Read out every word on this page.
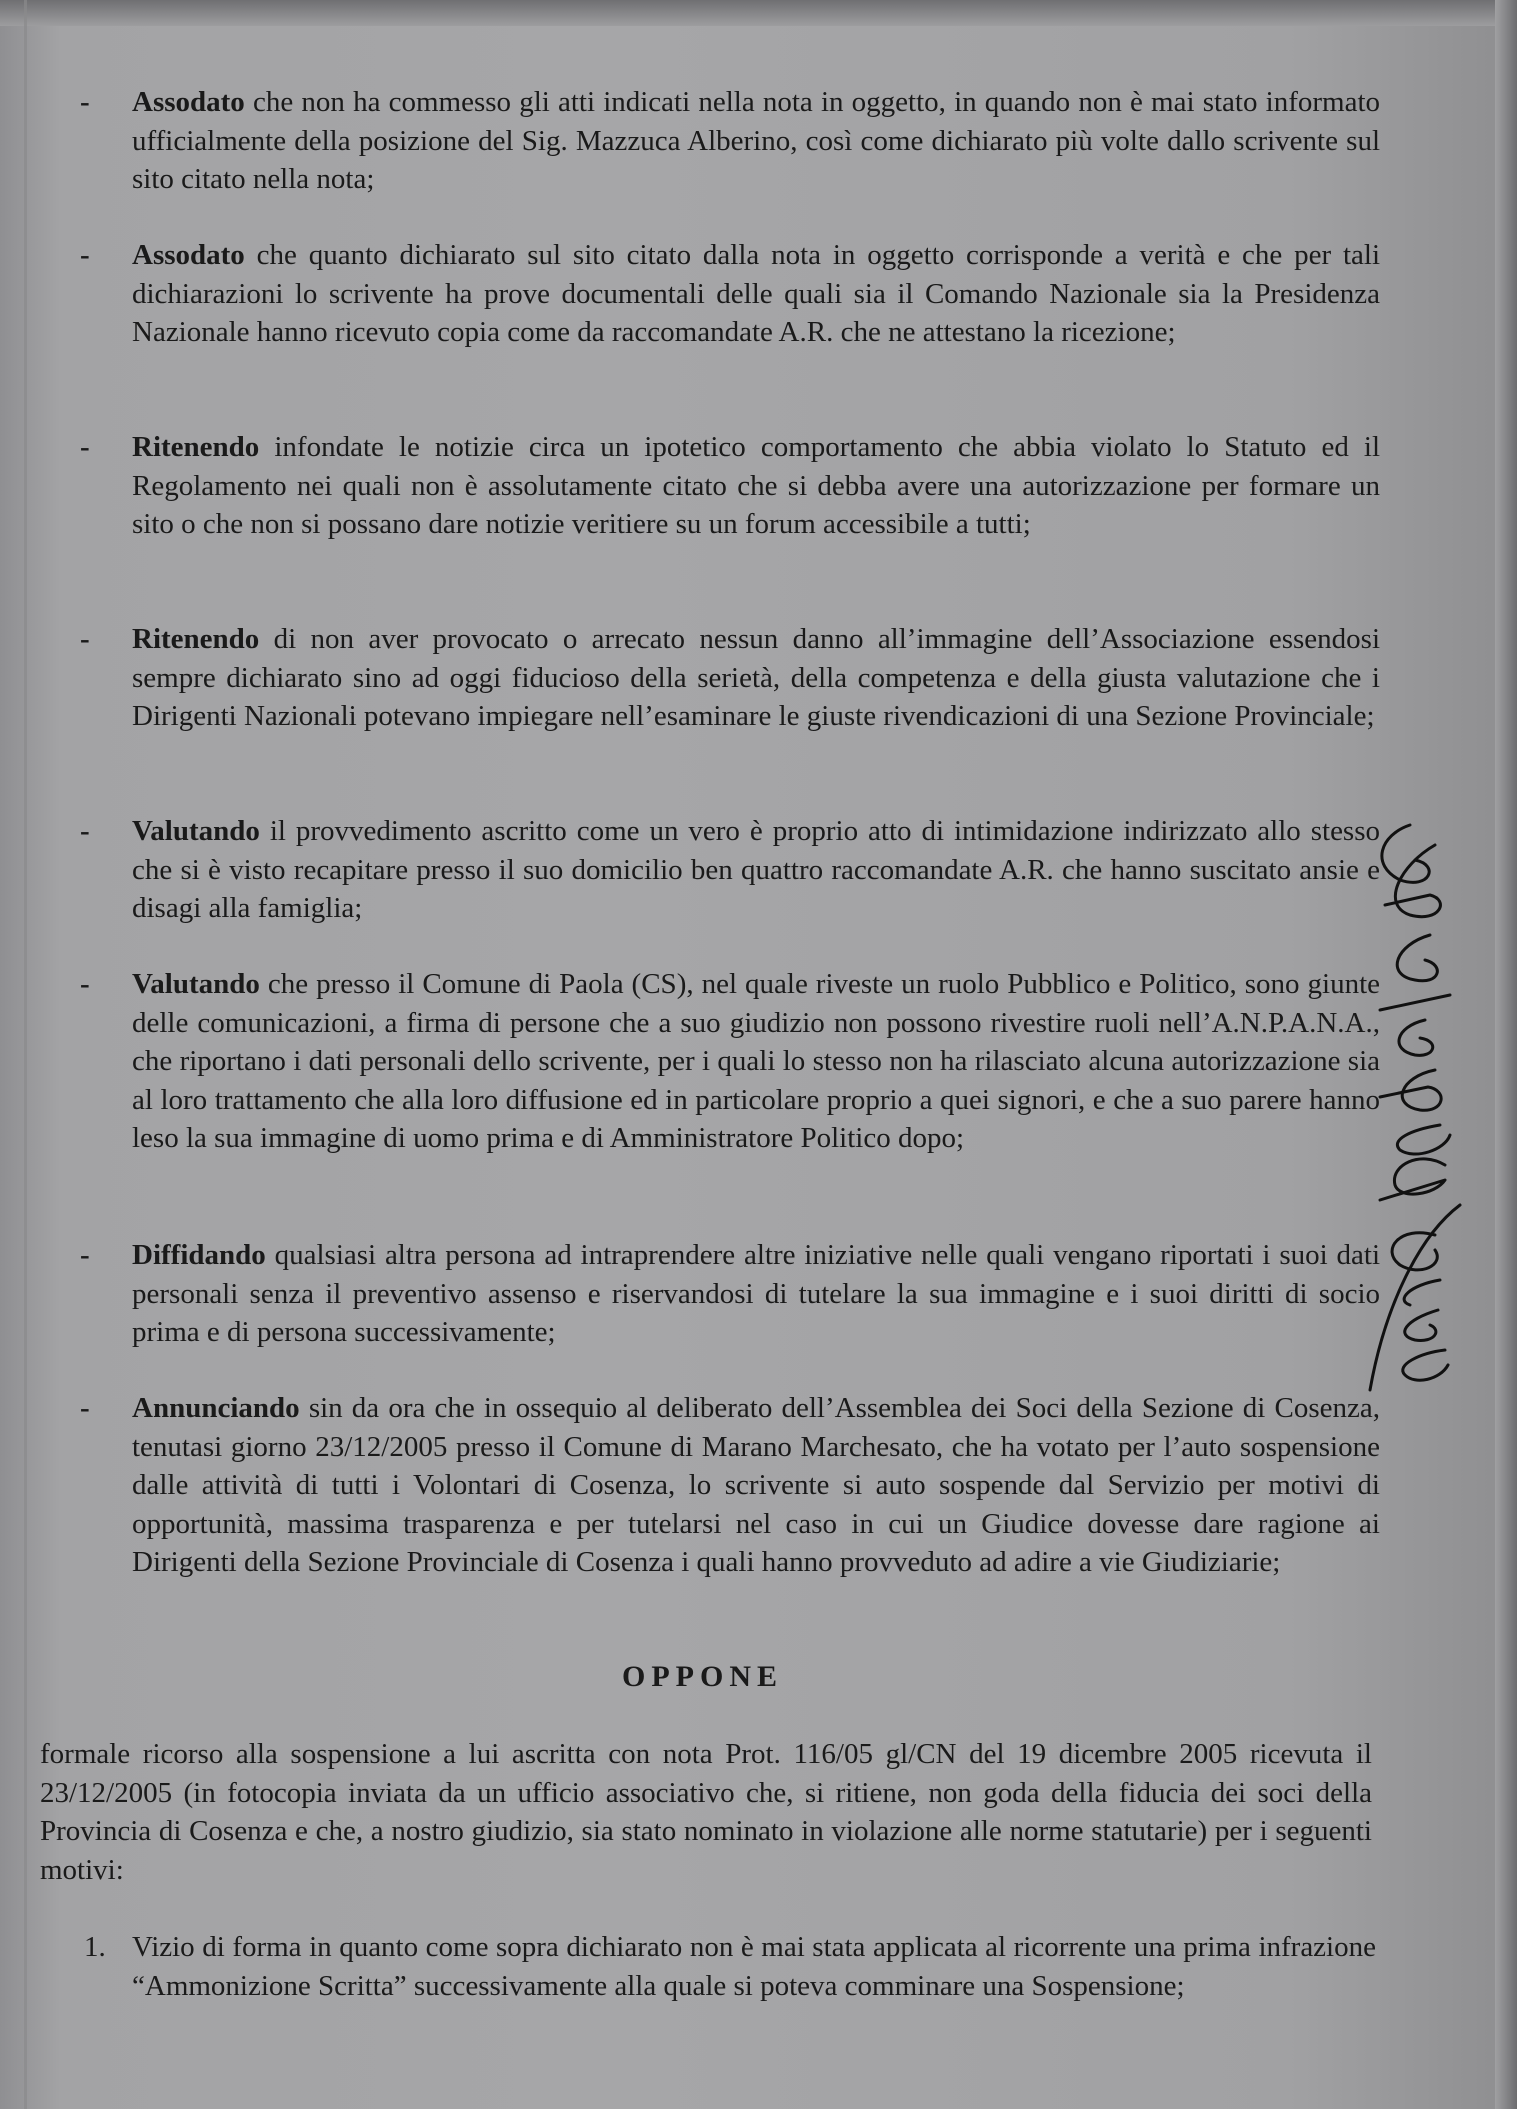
- Assodato che non ha commesso gli atti indicati nella nota in oggetto, in quando non è mai stato informato ufficialmente della posizione del Sig. Mazzuca Alberino, così come dichiarato più volte dallo scrivente sul sito citato nella nota;
- Assodato che quanto dichiarato sul sito citato dalla nota in oggetto corrisponde a verità e che per tali dichiarazioni lo scrivente ha prove documentali delle quali sia il Comando Nazionale sia la Presidenza Nazionale hanno ricevuto copia come da raccomandate A.R. che ne attestano la ricezione;
- Ritenendo infondate le notizie circa un ipotetico comportamento che abbia violato lo Statuto ed il Regolamento nei quali non è assolutamente citato che si debba avere una autorizzazione per formare un sito o che non si possano dare notizie veritiere su un forum accessibile a tutti;
- Ritenendo di non aver provocato o arrecato nessun danno all’immagine dell’Associazione essendosi sempre dichiarato sino ad oggi fiducioso della serietà, della competenza e della giusta valutazione che i Dirigenti Nazionali potevano impiegare nell’esaminare le giuste rivendicazioni di una Sezione Provinciale;
- Valutando il provvedimento ascritto come un vero è proprio atto di intimidazione indirizzato allo stesso che si è visto recapitare presso il suo domicilio ben quattro raccomandate A.R. che hanno suscitato ansie e disagi alla famiglia;
- Valutando che presso il Comune di Paola (CS), nel quale riveste un ruolo Pubblico e Politico, sono giunte delle comunicazioni, a firma di persone che a suo giudizio non possono rivestire ruoli nell’A.N.P.A.N.A., che riportano i dati personali dello scrivente, per i quali lo stesso non ha rilasciato alcuna autorizzazione sia al loro trattamento che alla loro diffusione ed in particolare proprio a quei signori, e che a suo parere hanno leso la sua immagine di uomo prima e di Amministratore Politico dopo;
- Diffidando qualsiasi altra persona ad intraprendere altre iniziative nelle quali vengano riportati i suoi dati personali senza il preventivo assenso e riservandosi di tutelare la sua immagine e i suoi diritti di socio prima e di persona successivamente;
- Annunciando sin da ora che in ossequio al deliberato dell’Assemblea dei Soci della Sezione di Cosenza, tenutasi giorno 23/12/2005 presso il Comune di Marano Marchesato, che ha votato per l’auto sospensione dalle attività di tutti i Volontari di Cosenza, lo scrivente si auto sospende dal Servizio per motivi di opportunità, massima trasparenza e per tutelarsi nel caso in cui un Giudice dovesse dare ragione ai Dirigenti della Sezione Provinciale di Cosenza i quali hanno provveduto ad adire a vie Giudiziarie;
OPPONE
formale ricorso alla sospensione a lui ascritta con nota Prot. 116/05 gl/CN del 19 dicembre 2005 ricevuta il 23/12/2005 (in fotocopia inviata da un ufficio associativo che, si ritiene, non goda della fiducia dei soci della Provincia di Cosenza e che, a nostro giudizio, sia stato nominato in violazione alle norme statutarie) per i seguenti motivi:
1. Vizio di forma in quanto come sopra dichiarato non è mai stata applicata al ricorrente una prima infrazione “Ammonizione Scritta” successivamente alla quale si poteva comminare una Sospensione;
